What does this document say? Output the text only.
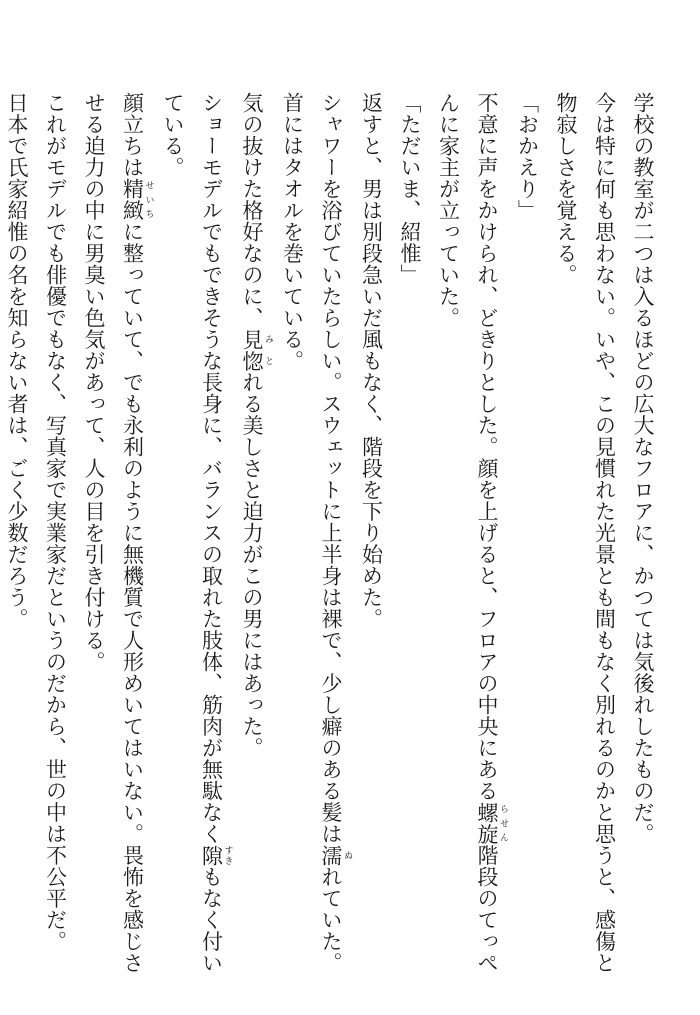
学校の教室が二つは入るほどの広大なフロアに、かつては気後れしたものだ。

今は特に何も思わない。いや、この見慣れた光景とも間もなく別れるのかと思うと、感傷と

物寂しさを覚える。

「おかえり」

不意に声をかけられ、どきりとした。顔を上げると、フロアの中央にある螺旋 らせん階段のてっぺ

んに家主が立っていた。

「ただいま、紹惟」

返すと、男は別段急いだ風もなく、階段を下り始めた。

シャワーを浴びていたらしい。スウェットに上半身は裸で、少し癖のある髪は濡 ぬれていた。

首にはタオルを巻いている。

気の抜けた格好なのに、見惚 みとれる美しさと迫力がこの男にはあった。

ショーモデルでもできそうな長身に、バランスの取れた肢体、筋肉が無駄なく隙 すきもなく付い

ている。

顔立ちは精緻 せいちに整っていて、でも永利のように無機質で人形めいてはいない。畏怖を感じさ

せる迫力の中に男臭い色気があって、人の目を引き付ける。

これがモデルでも俳優でもなく、写真家で実業家だというのだから、世の中は不公平だ。

日本で氏家紹惟の名を知らない者は、ごく少数だろう。
